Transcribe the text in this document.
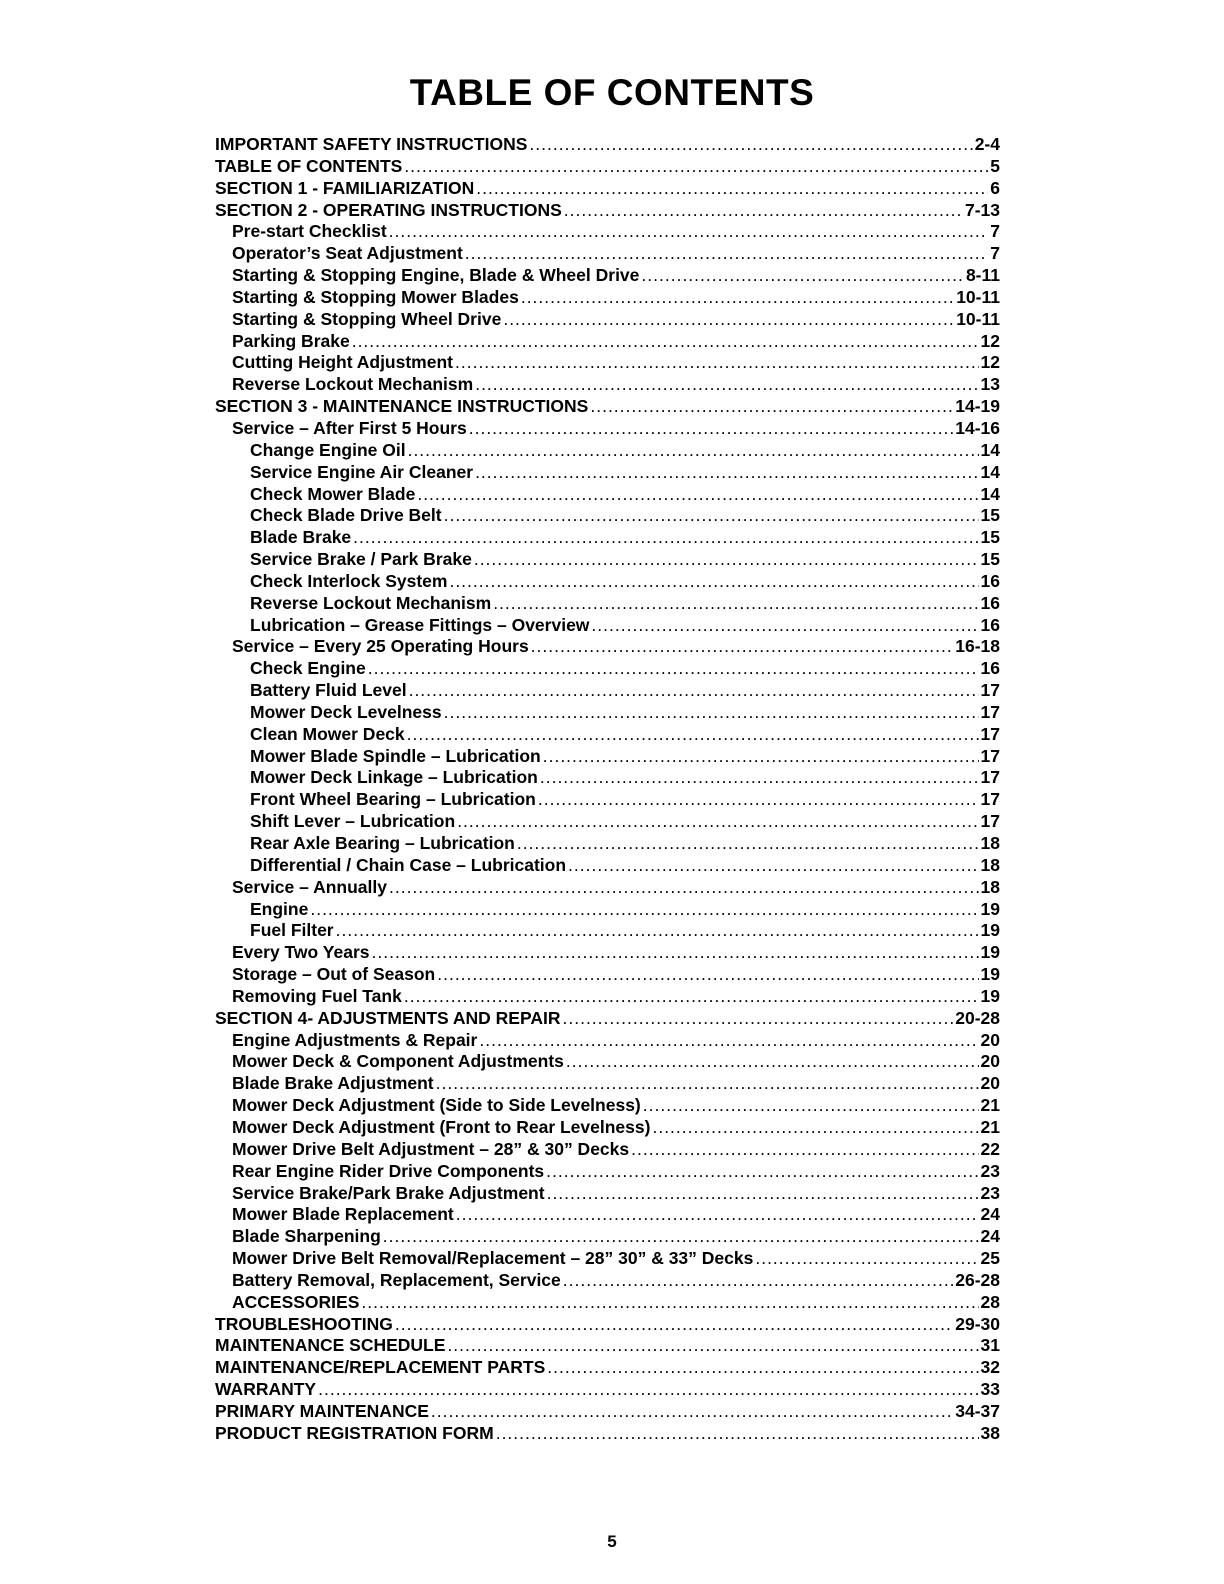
TABLE OF CONTENTS
IMPORTANT SAFETY INSTRUCTIONS .....	2-4
TABLE OF CONTENTS .....	5
SECTION 1 - FAMILIARIZATION .....	6
SECTION 2 - OPERATING INSTRUCTIONS .....	7-13
Pre-start Checklist .....	7
Operator’s Seat Adjustment .....	7
Starting & Stopping Engine, Blade & Wheel Drive .....	8-11
Starting & Stopping Mower Blades .....	10-11
Starting & Stopping Wheel Drive .....	10-11
Parking Brake .....	12
Cutting Height Adjustment .....	12
Reverse Lockout Mechanism .....	13
SECTION 3 - MAINTENANCE INSTRUCTIONS .....	14-19
Service – After First 5 Hours .....	14-16
Change Engine Oil .....	14
Service Engine Air Cleaner .....	14
Check Mower Blade .....	14
Check Blade Drive Belt .....	15
Blade Brake .....	15
Service Brake / Park Brake .....	15
Check Interlock System .....	16
Reverse Lockout Mechanism .....	16
Lubrication – Grease Fittings – Overview .....	16
Service – Every 25 Operating Hours .....	16-18
Check Engine .....	16
Battery Fluid Level .....	17
Mower Deck Levelness .....	17
Clean Mower Deck .....	17
Mower Blade Spindle – Lubrication .....	17
Mower Deck Linkage – Lubrication .....	17
Front Wheel Bearing – Lubrication .....	17
Shift Lever – Lubrication .....	17
Rear Axle Bearing – Lubrication .....	18
Differential / Chain Case – Lubrication .....	18
Service – Annually .....	18
Engine .....	19
Fuel Filter .....	19
Every Two Years .....	19
Storage – Out of Season .....	19
Removing Fuel Tank .....	19
SECTION 4- ADJUSTMENTS AND REPAIR .....	20-28
Engine Adjustments & Repair .....	20
Mower Deck & Component Adjustments .....	20
Blade Brake Adjustment .....	20
Mower Deck Adjustment (Side to Side Levelness) .....	21
Mower Deck Adjustment (Front to Rear Levelness) .....	21
Mower Drive Belt Adjustment – 28” & 30” Decks .....	22
Rear Engine Rider Drive Components .....	23
Service Brake/Park Brake Adjustment .....	23
Mower Blade Replacement .....	24
Blade Sharpening .....	24
Mower Drive Belt Removal/Replacement – 28” 30” & 33” Decks .....	25
Battery Removal, Replacement, Service .....	26-28
ACCESSORIES .....	28
TROUBLESHOOTING .....	29-30
MAINTENANCE SCHEDULE .....	31
MAINTENANCE/REPLACEMENT PARTS .....	32
WARRANTY .....	33
PRIMARY MAINTENANCE .....	34-37
PRODUCT REGISTRATION FORM .....	38
5
